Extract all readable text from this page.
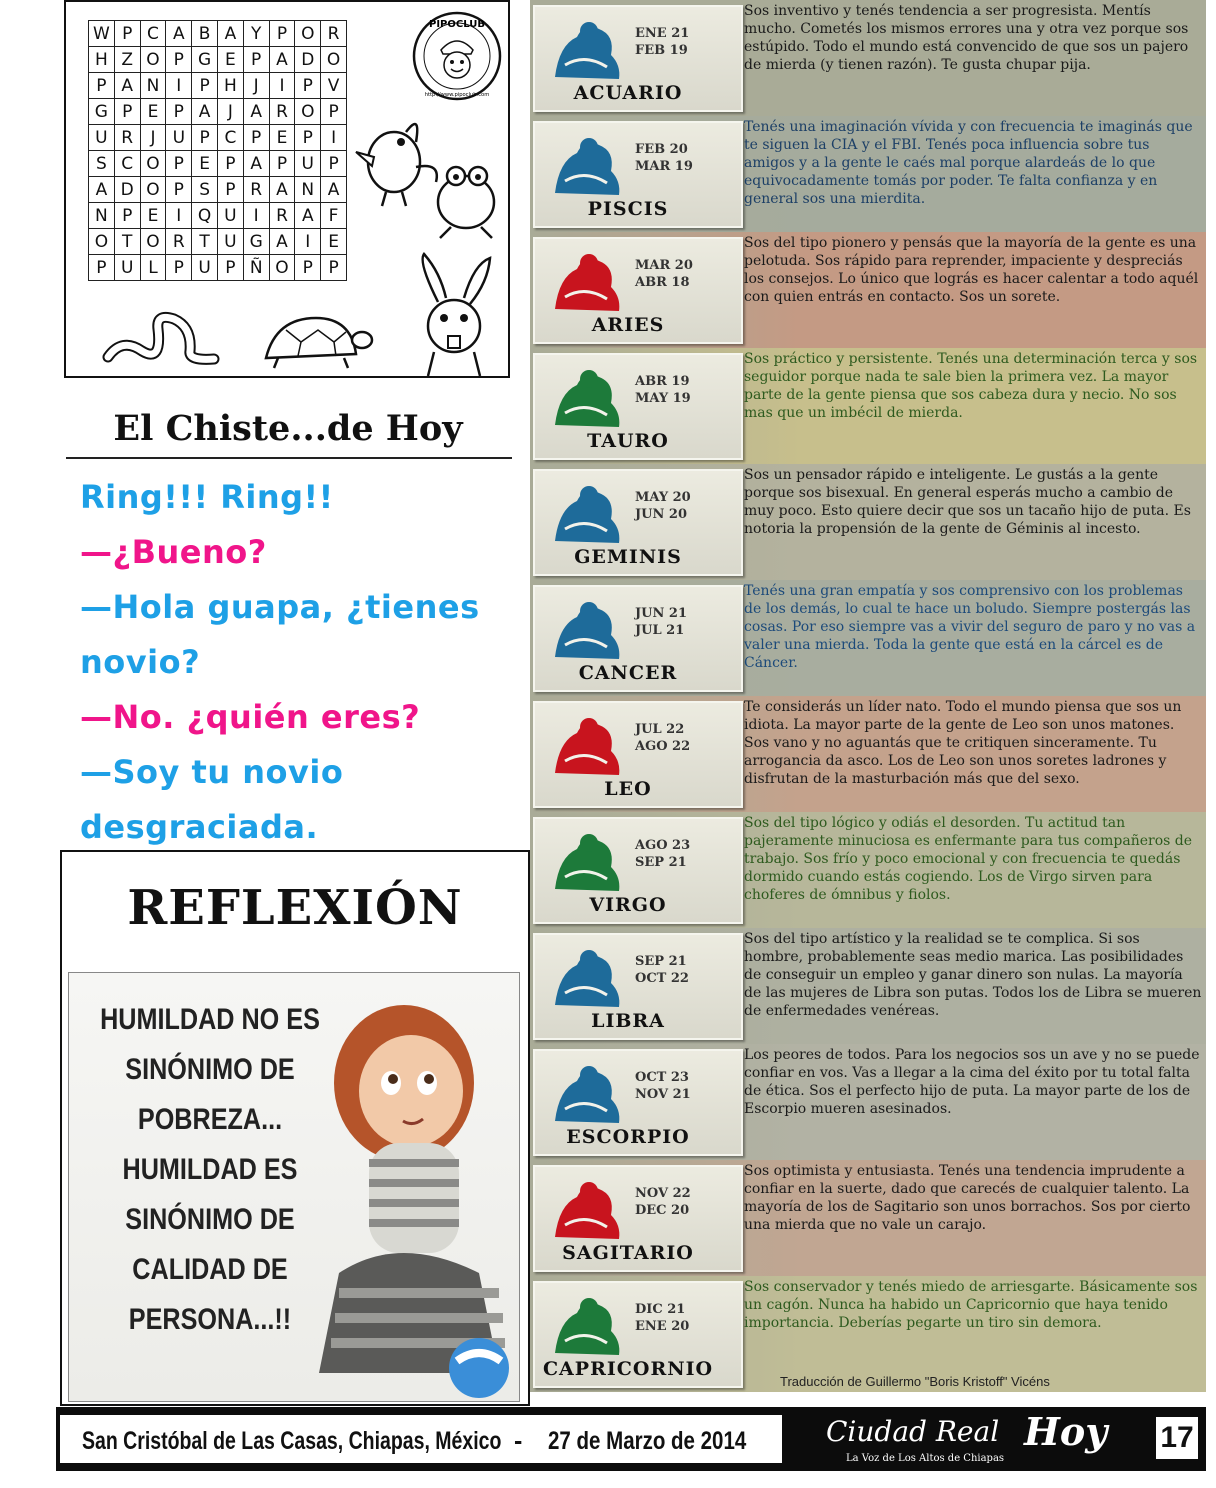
W	P	C	A	B	A	Y	P	O	R
H	Z	O	P	G	E	P	A	D	O
P	A	N	I	P	H	J	I	P	V
G	P	E	P	A	J	A	R	O	P
U	R	J	U	P	C	P	E	P	I
S	C	O	P	E	P	A	P	U	P
A	D	O	P	S	P	R	A	N	A
N	P	E	I	Q	U	I	R	A	F
O	T	O	R	T	U	G	A	I	E
P	U	L	P	U	P	Ñ	O	P	P
PIPOCLUB
http://www.pipoclub.com
El Chiste...de Hoy

Ring!!! Ring!!

—¿Bueno?

—Hola guapa, ¿tienes

novio?

—No. ¿quién eres?

—Soy tu novio

desgraciada.

REFLEXIÓN
HUMILDAD NO ES
SINÓNIMO DE
POBREZA...
HUMILDAD ES
SINÓNIMO DE
CALIDAD DE
PERSONA...!!
ENE 21
FEB 19
ACUARIO

Sos inventivo y tenés tendencia a ser progresista. Mentís mucho. Cometés los mismos errores una y otra vez porque sos estúpido. Todo el mundo está convencido de que sos un pajero de mierda (y tienen razón). Te gusta chupar pija.

FEB 20
MAR 19
PISCIS

Tenés una imaginación vívida y con frecuencia te imaginás que te siguen la CIA y el FBI. Tenés poca influencia sobre tus amigos y a la gente le caés mal porque alardeás de lo que equivocadamente tomás por poder. Te falta confianza y en general sos una mierdita.

MAR 20
ABR 18
ARIES

Sos del tipo pionero y pensás que la mayoría de la gente es una pelotuda. Sos rápido para reprender, impaciente y despreciás los consejos. Lo único que lográs es hacer calentar a todo aquél con quien entrás en contacto. Sos un sorete.

ABR 19
MAY 19
TAURO

Sos práctico y persistente. Tenés una determinación terca y sos seguidor porque nada te sale bien la primera vez. La mayor parte de la gente piensa que sos cabeza dura y necio. No sos mas que un imbécil de mierda.

MAY 20
JUN 20
GEMINIS

Sos un pensador rápido e inteligente. Le gustás a la gente porque sos bisexual. En general esperás mucho a cambio de muy poco. Esto quiere decir que sos un tacaño hijo de puta. Es notoria la propensión de la gente de Géminis al incesto.

JUN 21
JUL 21
CANCER

Tenés una gran empatía y sos comprensivo con los problemas de los demás, lo cual te hace un boludo. Siempre postergás las cosas. Por eso siempre vas a vivir del seguro de paro y no vas a valer una mierda. Toda la gente que está en la cárcel es de Cáncer.

JUL 22
AGO 22
LEO

Te considerás un líder nato. Todo el mundo piensa que sos un idiota. La mayor parte de la gente de Leo son unos matones. Sos vano y no aguantás que te critiquen sinceramente. Tu arrogancia da asco. Los de Leo son unos soretes ladrones y disfrutan de la masturbación más que del sexo.

AGO 23
SEP 21
VIRGO

Sos del tipo lógico y odiás el desorden. Tu actitud tan pajeramente minuciosa es enfermante para tus compañeros de trabajo. Sos frío y poco emocional y con frecuencia te quedás dormido cuando estás cogiendo. Los de Virgo sirven para choferes de ómnibus y fiolos.

SEP 21
OCT 22
LIBRA

Sos del tipo artístico y la realidad se te complica. Si sos hombre, probablemente seas medio marica. Las posibilidades de conseguir un empleo y ganar dinero son nulas. La mayoría de las mujeres de Libra son putas. Todos los de Libra se mueren de enfermedades venéreas.

OCT 23
NOV 21
ESCORPIO

Los peores de todos. Para los negocios sos un ave y no se puede confiar en vos. Vas a llegar a la cima del éxito por tu total falta de ética. Sos el perfecto hijo de puta. La mayor parte de los de Escorpio mueren asesinados.

NOV 22
DEC 20
SAGITARIO

Sos optimista y entusiasta. Tenés una tendencia imprudente a confiar en la suerte, dado que carecés de cualquier talento. La mayoría de los de Sagitario son unos borrachos. Sos por cierto una mierda que no vale un carajo.

DIC 21
ENE 20
CAPRICORNIO

Sos conservador y tenés miedo de arriesgarte. Básicamente sos un cagón. Nunca ha habido un Capricornio que haya tenido importancia. Deberías pegarte un tiro sin demora.

Traducción de Guillermo "Boris Kristoff" Vicéns
San Cristóbal de Las Casas, Chiapas, México - 27 de Marzo de 2014	Ciudad Real Hoy
La Voz de Los Altos de Chiapas
17
